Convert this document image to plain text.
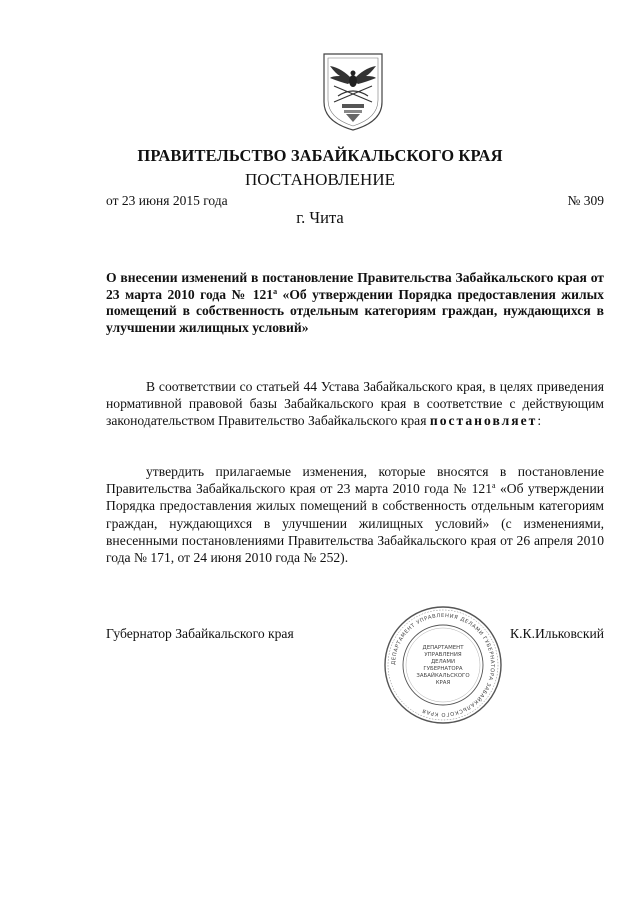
ПРАВИТЕЛЬСТВО ЗАБАЙКАЛЬСКОГО КРАЯ
ПОСТАНОВЛЕНИЕ
от 23 июня 2015 года	№ 309
г. Чита
О внесении изменений в постановление Правительства Забайкальского края от 23 марта 2010 года № $121^а$ «Об утверждении Порядка предоставления жилых помещений в собственность отдельным категориям граждан, нуждающихся в улучшении жилищных условий»
В соответствии со статьей 44 Устава Забайкальского края, в целях приведения нормативной правовой базы Забайкальского края в соответствие с действующим законодательством Правительство Забайкальского края постановляет:
утвердить прилагаемые изменения, которые вносятся в постановление Правительства Забайкальского края от 23 марта 2010 года № $121^а$ «Об утверждении Порядка предоставления жилых помещений в собственность отдельным категориям граждан, нуждающихся в улучшении жилищных условий» (с изменениями, внесенными постановлениями Правительства Забайкальского края от 26 апреля 2010 года № 171, от 24 июня 2010 года № 252).
Губернатор Забайкальского края	К.К.Ильковский
ДЕПАРТАМЕНТ УПРАВЛЕНИЯ ДЕЛАМИ ГУБЕРНАТОРА ЗАБАЙКАЛЬСКОГО КРАЯ
ДЕПАРТАМЕНТ
УПРАВЛЕНИЯ
ДЕЛАМИ
ГУБЕРНАТОРА
ЗАБАЙКАЛЬСКОГО
КРАЯ
